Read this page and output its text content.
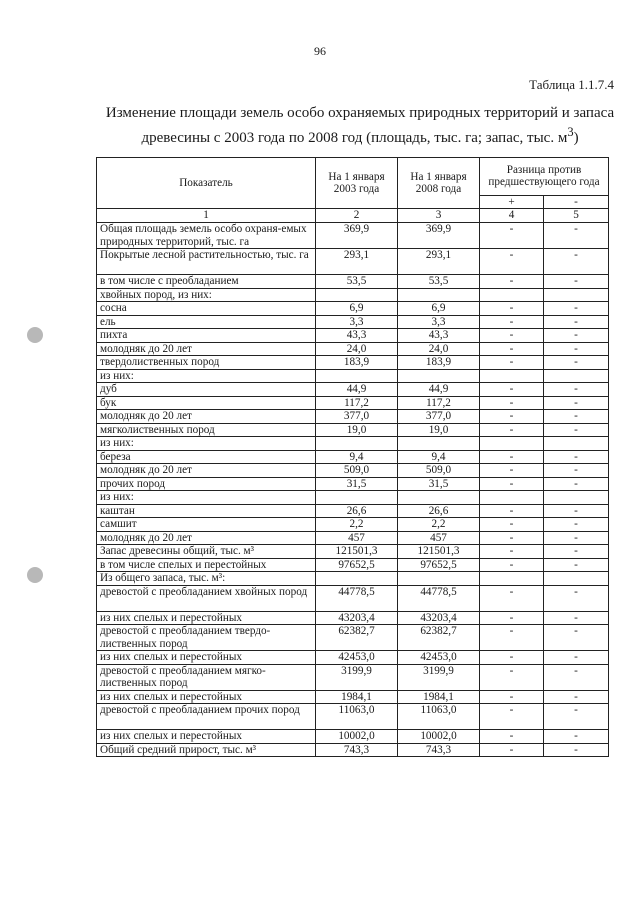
96
Таблица 1.1.7.4
Изменение площади земель особо охраняемых природных территорий и запаса
древесины с 2003 года по 2008 год (площадь, тыс. га; запас, тыс. $м^3$)
Показатель	На 1 января 2003 года	На 1 января 2008 года	Разница против предшествующего года	
			+	-
1	2	3	4	5
Общая площадь земель особо охраня-емых природных территорий, тыс. га	369,9	369,9	-	-
Покрытые лесной растительностью, тыс. га	293,1	293,1	-	-
в том числе с преобладанием	53,5	53,5	-	-
хвойных пород, из них:				
сосна	6,9	6,9	-	-
ель	3,3	3,3	-	-
пихта	43,3	43,3	-	-
молодняк до 20 лет	24,0	24,0	-	-
твердолиственных пород	183,9	183,9	-	-
из них:				
дуб	44,9	44,9	-	-
бук	117,2	117,2	-	-
молодняк до 20 лет	377,0	377,0	-	-
мягколиственных пород	19,0	19,0	-	-
из них:				
береза	9,4	9,4	-	-
молодняк до 20 лет	509,0	509,0	-	-
прочих пород	31,5	31,5	-	-
из них:				
каштан	26,6	26,6	-	-
самшит	2,2	2,2	-	-
молодняк до 20 лет	457	457	-	-
Запас древесины общий, тыс. м³	121501,3	121501,3	-	-
в том числе спелых и перестойных	97652,5	97652,5	-	-
Из общего запаса, тыс. м³:				
древостой с преобладанием хвойных пород	44778,5	44778,5	-	-
из них спелых и перестойных	43203,4	43203,4	-	-
древостой с преобладанием твердо-лиственных пород	62382,7	62382,7	-	-
из них спелых и перестойных	42453,0	42453,0	-	-
древостой с преобладанием мягко-лиственных пород	3199,9	3199,9	-	-
из них спелых и перестойных	1984,1	1984,1	-	-
древостой с преобладанием прочих пород	11063,0	11063,0	-	-
из них спелых и перестойных	10002,0	10002,0	-	-
Общий средний прирост, тыс. м³	743,3	743,3	-	-
